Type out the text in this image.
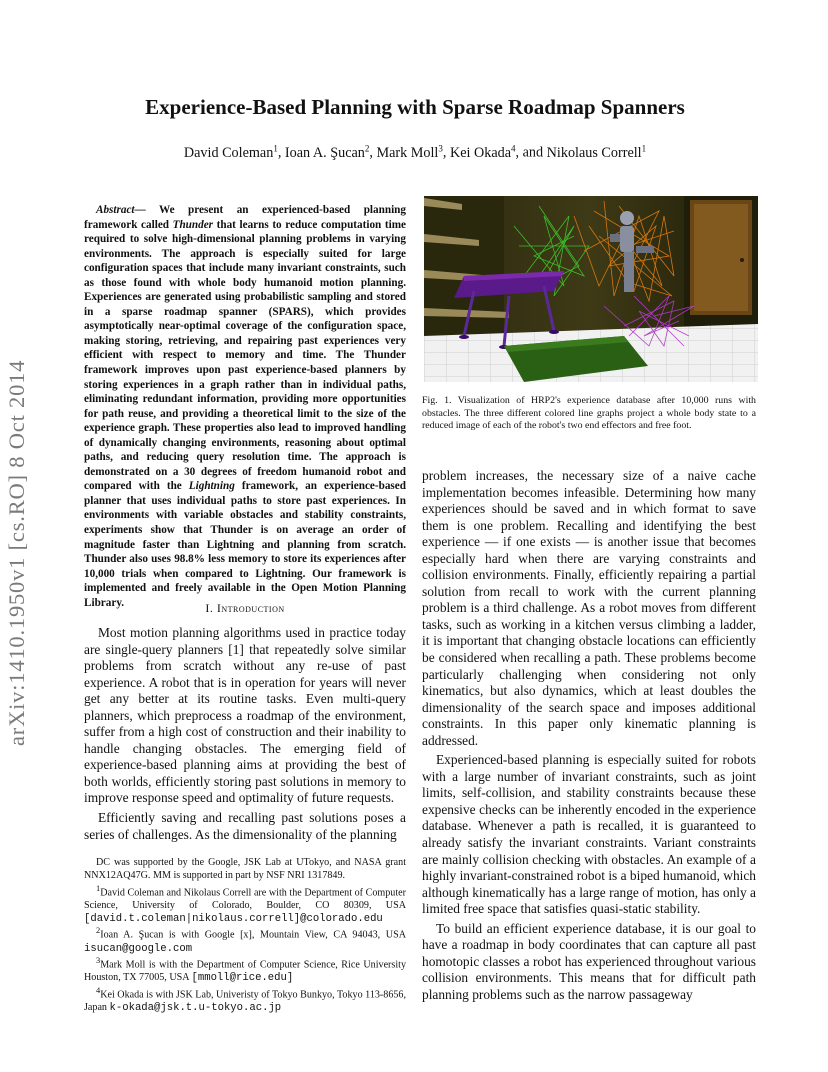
arXiv:1410.1950v1 [cs.RO] 8 Oct 2014
Experience-Based Planning with Sparse Roadmap Spanners
David Coleman$^1$, Ioan A. Şucan$^2$, Mark Moll$^3$, Kei Okada$^4$, and Nikolaus Correll$^1$

Abstract— We present an experienced-based planning framework called Thunder that learns to reduce computation time required to solve high-dimensional planning problems in varying environments. The approach is especially suited for large configuration spaces that include many invariant constraints, such as those found with whole body humanoid motion planning. Experiences are generated using probabilistic sampling and stored in a sparse roadmap spanner (SPARS), which provides asymptotically near-optimal coverage of the configuration space, making storing, retrieving, and repairing past experiences very efficient with respect to memory and time. The Thunder framework improves upon past experience-based planners by storing experiences in a graph rather than in individual paths, eliminating redundant information, providing more opportunities for path reuse, and providing a theoretical limit to the size of the experience graph. These properties also lead to improved handling of dynamically changing environments, reasoning about optimal paths, and reducing query resolution time. The approach is demonstrated on a 30 degrees of freedom humanoid robot and compared with the Lightning framework, an experience-based planner that uses individual paths to store past experiences. In environments with variable obstacles and stability constraints, experiments show that Thunder is on average an order of magnitude faster than Lightning and planning from scratch. Thunder also uses 98.8% less memory to store its experiences after 10,000 trials when compared to Lightning. Our framework is implemented and freely available in the Open Motion Planning Library.	I. Introduction

Most motion planning algorithms used in practice today are single-query planners [1] that repeatedly solve similar problems from scratch without any re-use of past experience. A robot that is in operation for years will never get any better at its routine tasks. Even multi-query planners, which preprocess a roadmap of the environment, suffer from a high cost of construction and their inability to handle changing obstacles. The emerging field of experience-based planning aims at providing the best of both worlds, efficiently storing past solutions in memory to improve response speed and optimality of future requests.

Efficiently saving and recalling past solutions poses a series of challenges. As the dimensionality of the planning

DC was supported by the Google, JSK Lab at UTokyo, and NASA grant NNX12AQ47G. MM is supported in part by NSF NRI 1317849.

$^1$David Coleman and Nikolaus Correll are with the Department of Computer Science, University of Colorado, Boulder, CO 80309, USA [david.t.coleman|nikolaus.correll]@colorado.edu

$^2$Ioan A. Şucan is with Google [x], Mountain View, CA 94043, USA isucan@google.com

$^3$Mark Moll is with the Department of Computer Science, Rice University Houston, TX 77005, USA [mmoll@rice.edu]

$^4$Kei Okada is with JSK Lab, Univeristy of Tokyo Bunkyo, Tokyo 113-8656, Japan k-okada@jsk.t.u-tokyo.ac.jp

Fig. 1. Visualization of HRP2's experience database after 10,000 runs with obstacles. The three different colored line graphs project a whole body state to a reduced image of each of the robot's two end effectors and free foot.

problem increases, the necessary size of a naive cache implementation becomes infeasible. Determining how many experiences should be saved and in which format to save them is one problem. Recalling and identifying the best experience — if one exists — is another issue that becomes especially hard when there are varying constraints and collision environments. Finally, efficiently repairing a partial solution from recall to work with the current planning problem is a third challenge. As a robot moves from different tasks, such as working in a kitchen versus climbing a ladder, it is important that changing obstacle locations can efficiently be considered when recalling a path. These problems become particularly challenging when considering not only kinematics, but also dynamics, which at least doubles the dimensionality of the search space and imposes additional constraints. In this paper only kinematic planning is addressed.

Experienced-based planning is especially suited for robots with a large number of invariant constraints, such as joint limits, self-collision, and stability constraints because these expensive checks can be inherently encoded in the experience database. Whenever a path is recalled, it is guaranteed to already satisfy the invariant constraints. Variant constraints are mainly collision checking with obstacles. An example of a highly invariant-constrained robot is a biped humanoid, which although kinematically has a large range of motion, has only a limited free space that satisfies quasi-static stability.

To build an efficient experience database, it is our goal to have a roadmap in body coordinates that can capture all past homotopic classes a robot has experienced throughout various collision environments. This means that for difficult path planning problems such as the narrow passageway
